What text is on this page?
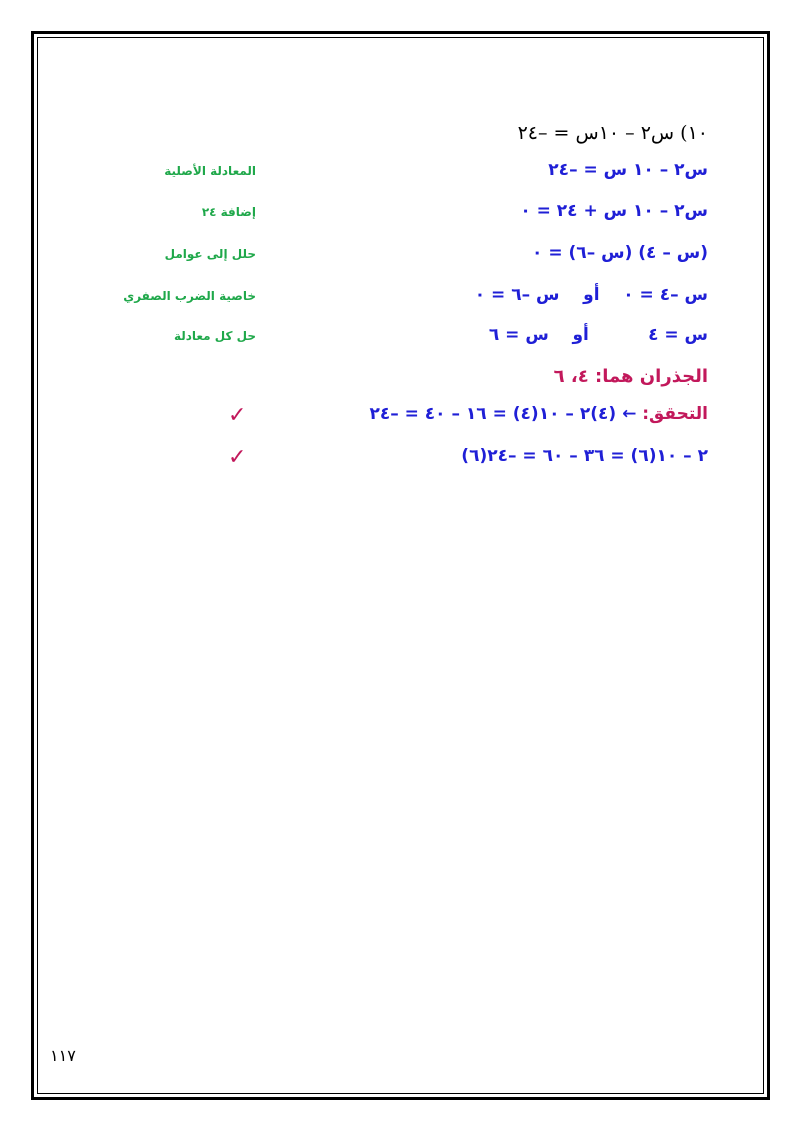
١٠) س٢ – ١٠س = –٢٤
س٢ – ١٠ س = –٢٤
المعادلة الأصلية
س٢ – ١٠ س + ٢٤ = ٠
إضافة ٢٤
(س – ٤) (س –٦) = ٠
حلل إلى عوامل
س –٤ = ٠    أو    س –٦ = ٠
خاصية الضرب الصفري
س = ٤          أو    س = ٦
حل كل معادلة
الجذران هما: ٤، ٦
التحقق: ← (٤)٢ – ١٠(٤) = ١٦ – ٤٠ = –٢٤
✓
(٦)٢ – ١٠(٦) = ٣٦ – ٦٠ = –٢٤
✓
١١٧
